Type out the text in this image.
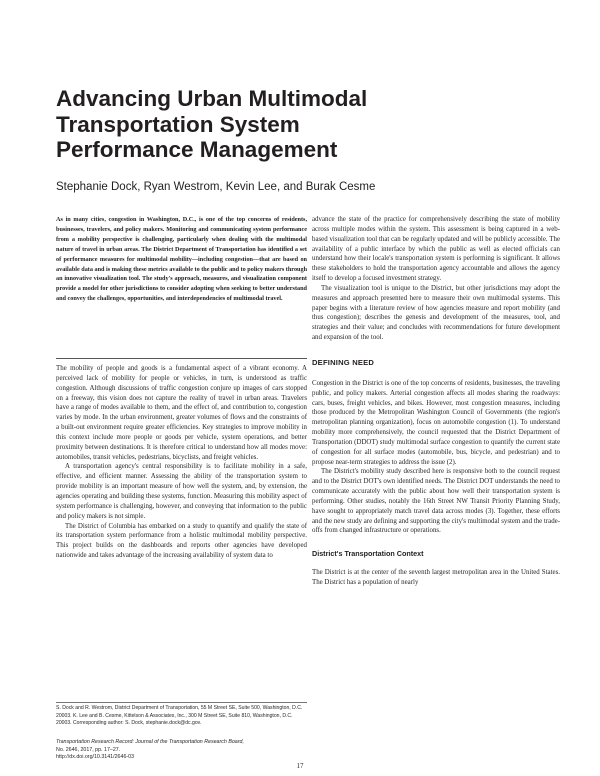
Advancing Urban Multimodal
Transportation System
Performance Management
Stephanie Dock, Ryan Westrom, Kevin Lee, and Burak Cesme
As in many cities, congestion in Washington, D.C., is one of the top concerns of residents, businesses, travelers, and policy makers. Monitoring and communicating system performance from a mobility perspective is challenging, particularly when dealing with the multimodal nature of travel in urban areas. The District Department of Transportation has identified a set of performance measures for multimodal mobility—including congestion—that are based on available data and is making these metrics available to the public and to policy makers through an innovative visualization tool. The study's approach, measures, and visualization component provide a model for other jurisdictions to consider adopting when seeking to better understand and convey the challenges, opportunities, and interdependencies of multimodal travel.

The mobility of people and goods is a fundamental aspect of a vibrant economy. A perceived lack of mobility for people or vehicles, in turn, is understood as traffic congestion. Although discussions of traffic congestion conjure up images of cars stopped on a freeway, this vision does not capture the reality of travel in urban areas. Travelers have a range of modes available to them, and the effect of, and contribution to, congestion varies by mode. In the urban environment, greater volumes of flows and the constraints of a built-out environment require greater efficiencies. Key strategies to improve mobility in this context include more people or goods per vehicle, system operations, and better proximity between destinations. It is therefore critical to understand how all modes move: automobiles, transit vehicles, pedestrians, bicyclists, and freight vehicles.

A transportation agency's central responsibility is to facilitate mobility in a safe, effective, and efficient manner. Assessing the ability of the transportation system to provide mobility is an important measure of how well the system, and, by extension, the agencies operating and building these systems, function. Measuring this mobility aspect of system performance is challenging, however, and conveying that information to the public and policy makers is not simple.

The District of Columbia has embarked on a study to quantify and qualify the state of its transportation system performance from a holistic multimodal mobility perspective. This project builds on the dashboards and reports other agencies have developed nationwide and takes advantage of the increasing availability of system data to

S. Dock and R. Westrom, District Department of Transportation, 55 M Street SE, Suite 500, Washington, D.C. 20003. K. Lee and B. Cesme, Kittelson & Associates, Inc., 300 M Street SE, Suite 810, Washington, D.C. 20003. Corresponding author: S. Dock, stephanie.dock@dc.gov.
Transportation Research Record: Journal of the Transportation Research Board,
No. 2646, 2017, pp. 17–27.
http://dx.doi.org/10.3141/2646-03

advance the state of the practice for comprehensively describing the state of mobility across multiple modes within the system. This assessment is being captured in a web-based visualization tool that can be regularly updated and will be publicly accessible. The availability of a public interface by which the public as well as elected officials can understand how their locale's transportation system is performing is significant. It allows these stakeholders to hold the transportation agency accountable and allows the agency itself to develop a focused investment strategy.

The visualization tool is unique to the District, but other jurisdictions may adopt the measures and approach presented here to measure their own multimodal systems. This paper begins with a literature review of how agencies measure and report mobility (and thus congestion); describes the genesis and development of the measures, tool, and strategies and their value; and concludes with recommendations for future development and expansion of the tool.

DEFINING NEED

Congestion in the District is one of the top concerns of residents, businesses, the traveling public, and policy makers. Arterial congestion affects all modes sharing the roadways: cars, buses, freight vehicles, and bikes. However, most congestion measures, including those produced by the Metropolitan Washington Council of Governments (the region's metropolitan planning organization), focus on automobile congestion (1). To understand mobility more comprehensively, the council requested that the District Department of Transportation (DDOT) study multimodal surface congestion to quantify the current state of congestion for all surface modes (automobile, bus, bicycle, and pedestrian) and to propose near-term strategies to address the issue (2).

The District's mobility study described here is responsive both to the council request and to the District DOT's own identified needs. The District DOT understands the need to communicate accurately with the public about how well their transportation system is performing. Other studies, notably the 16th Street NW Transit Priority Planning Study, have sought to appropriately match travel data across modes (3). Together, these efforts and the new study are defining and supporting the city's multimodal system and the trade-offs from changed infrastructure or operations.

District's Transportation Context

The District is at the center of the seventh largest metropolitan area in the United States. The District has a population of nearly

17
